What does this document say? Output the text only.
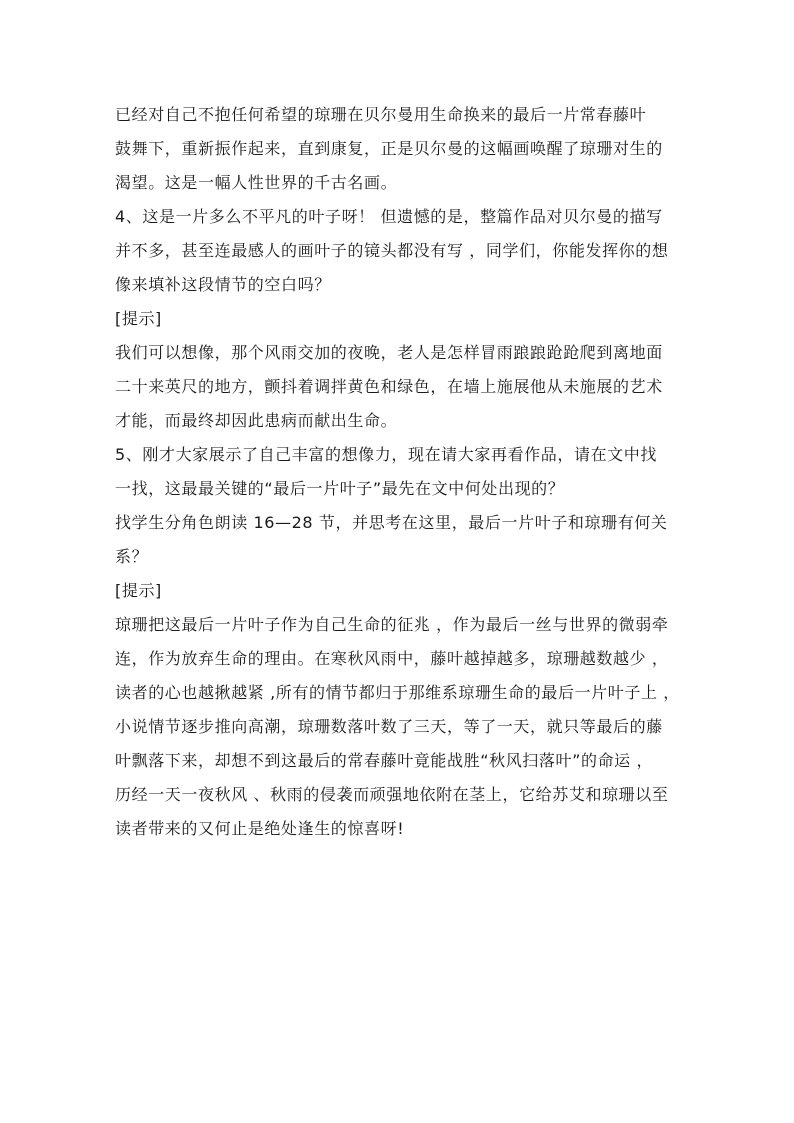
已经对自己不抱任何希望的琼珊在贝尔曼用生命换来的最后一片常春藤叶
鼓舞下，重新振作起来，直到康复，正是贝尔曼的这幅画唤醒了琼珊对生的
渴望。这是一幅人性世界的千古名画。
4、这是一片多么不平凡的叶子呀！ 但遗憾的是，整篇作品对贝尔曼的描写
并不多，甚至连最感人的画叶子的镜头都没有写 ，同学们，你能发挥你的想
像来填补这段情节的空白吗？
[提示]
我们可以想像，那个风雨交加的夜晚，老人是怎样冒雨踉踉跄跄爬到离地面
二十来英尺的地方，颤抖着调拌黄色和绿色，在墙上施展他从未施展的艺术
才能，而最终却因此患病而献出生命。
5、刚才大家展示了自己丰富的想像力，现在请大家再看作品，请在文中找
一找，这最最关键的“最后一片叶子”最先在文中何处出现的？
找学生分角色朗读 16—28 节，并思考在这里，最后一片叶子和琼珊有何关
系？
[提示]
琼珊把这最后一片叶子作为自己生命的征兆 ，作为最后一丝与世界的微弱牵
连，作为放弃生命的理由。在寒秋风雨中，藤叶越掉越多，琼珊越数越少 ，
读者的心也越揪越紧 ,所有的情节都归于那维系琼珊生命的最后一片叶子上 ，
小说情节逐步推向高潮，琼珊数落叶数了三天，等了一天，就只等最后的藤
叶飘落下来，却想不到这最后的常春藤叶竟能战胜“秋风扫落叶”的命运 ，
历经一天一夜秋风 、秋雨的侵袭而顽强地依附在茎上，它给苏艾和琼珊以至
读者带来的又何止是绝处逢生的惊喜呀!
